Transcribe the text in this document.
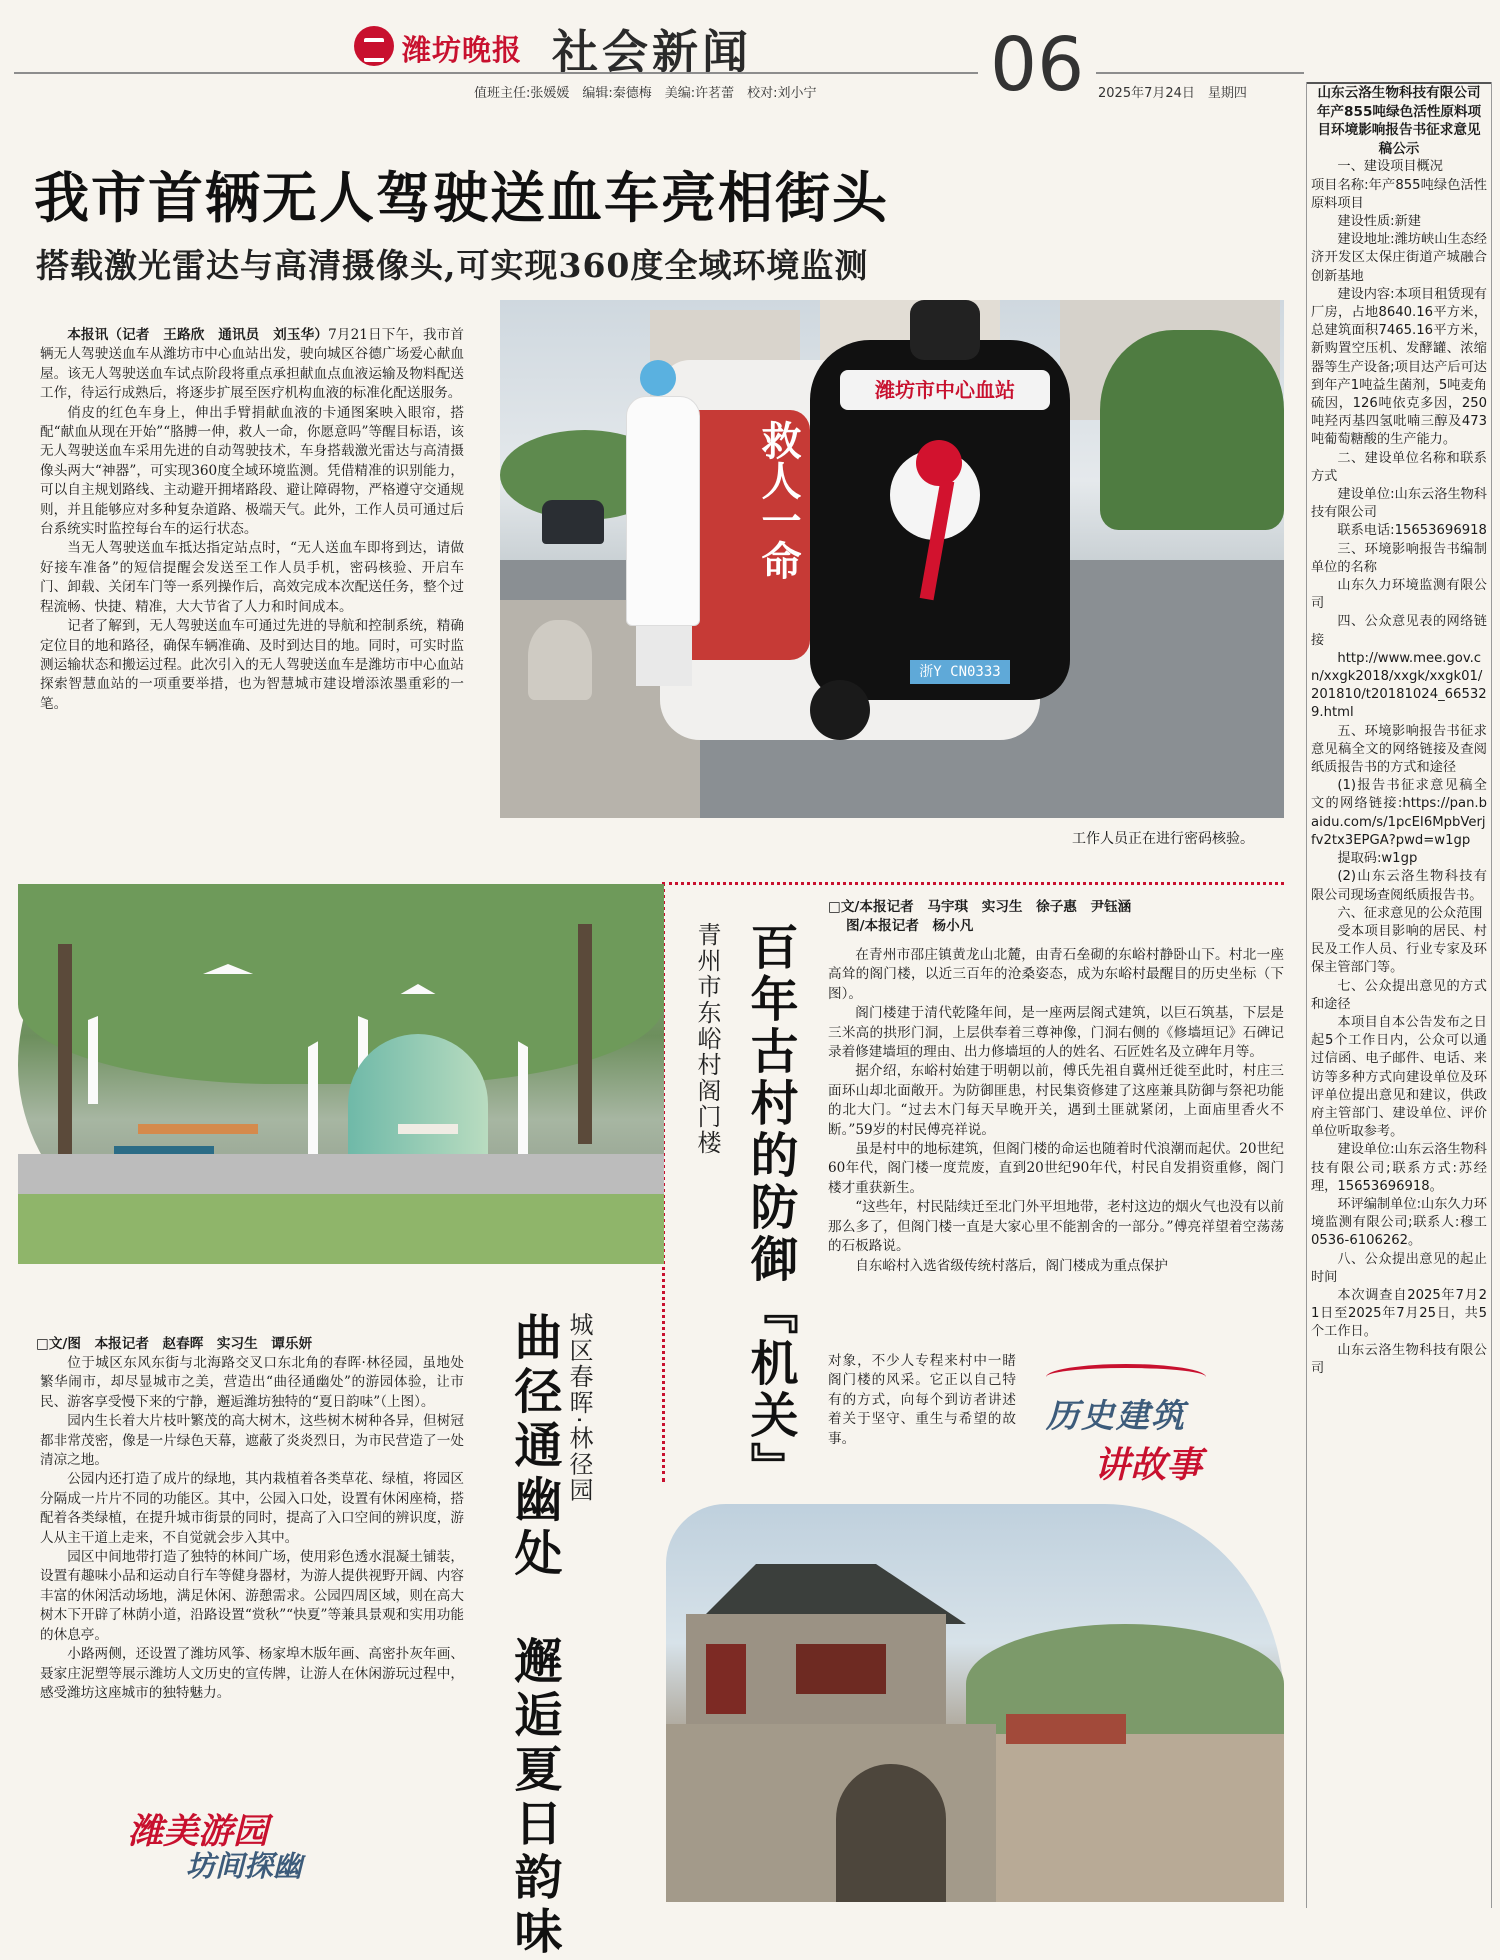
潍坊晚报 社会新闻	06
值班主任:张媛媛　编辑:秦德梅　美编:许茗蕾　校对:刘小宁	2025年7月24日　星期四
我市首辆无人驾驶送血车亮相街头
搭载激光雷达与高清摄像头,可实现360度全域环境监测

本报讯（记者　王路欣　通讯员　刘玉华）7月21日下午，我市首辆无人驾驶送血车从潍坊市中心血站出发，驶向城区谷德广场爱心献血屋。该无人驾驶送血车试点阶段将重点承担献血点血液运输及物料配送工作，待运行成熟后，将逐步扩展至医疗机构血液的标准化配送服务。

俏皮的红色车身上，伸出手臂捐献血液的卡通图案映入眼帘，搭配“献血从现在开始”“胳膊一伸，救人一命，你愿意吗”等醒目标语，该无人驾驶送血车采用先进的自动驾驶技术，车身搭载激光雷达与高清摄像头两大“神器”，可实现360度全域环境监测。凭借精准的识别能力，可以自主规划路线、主动避开拥堵路段、避让障碍物，严格遵守交通规则，并且能够应对多种复杂道路、极端天气。此外，工作人员可通过后台系统实时监控每台车的运行状态。

当无人驾驶送血车抵达指定站点时，“无人送血车即将到达，请做好接车准备”的短信提醒会发送至工作人员手机，密码核验、开启车门、卸载、关闭车门等一系列操作后，高效完成本次配送任务，整个过程流畅、快捷、精准，大大节省了人力和时间成本。

记者了解到，无人驾驶送血车可通过先进的导航和控制系统，精确定位目的地和路径，确保车辆准确、及时到达目的地。同时，可实时监测运输状态和搬运过程。此次引入的无人驾驶送血车是潍坊市中心血站探索智慧血站的一项重要举措，也为智慧城市建设增添浓墨重彩的一笔。

救人一命
潍坊市中心血站
浙Y CN0333
工作人员正在进行密码核验。
城区春晖·林径园
曲径通幽处　邂逅夏日韵味
□文/图　本报记者　赵春晖　实习生　谭乐妍

位于城区东风东街与北海路交叉口东北角的春晖·林径园，虽地处繁华闹市，却尽显城市之美，营造出“曲径通幽处”的游园体验，让市民、游客享受慢下来的宁静，邂逅潍坊独特的“夏日韵味”（上图）。

园内生长着大片枝叶繁茂的高大树木，这些树木树种各异，但树冠都非常茂密，像是一片绿色天幕，遮蔽了炎炎烈日，为市民营造了一处清凉之地。

公园内还打造了成片的绿地，其内栽植着各类草花、绿植，将园区分隔成一片片不同的功能区。其中，公园入口处，设置有休闲座椅，搭配着各类绿植，在提升城市街景的同时，提高了入口空间的辨识度，游人从主干道上走来，不自觉就会步入其中。

园区中间地带打造了独特的林间广场，使用彩色透水混凝土铺装，设置有趣味小品和运动自行车等健身器材，为游人提供视野开阔、内容丰富的休闲活动场地，满足休闲、游憩需求。公园四周区域，则在高大树木下开辟了林荫小道，沿路设置“赏秋”“快夏”等兼具景观和实用功能的休息亭。

小路两侧，还设置了潍坊风筝、杨家埠木版年画、高密扑灰年画、聂家庄泥塑等展示潍坊人文历史的宣传牌，让游人在休闲游玩过程中，感受潍坊这座城市的独特魅力。

潍美游园
坊间探幽
青州市东峪村阁门楼 百年古村的防御『机关』
□文/本报记者　马宇琪　实习生　徐子惠　尹钰涵
图/本报记者　杨小凡

在青州市邵庄镇黄龙山北麓，由青石垒砌的东峪村静卧山下。村北一座高耸的阁门楼，以近三百年的沧桑姿态，成为东峪村最醒目的历史坐标（下图）。

阁门楼建于清代乾隆年间，是一座两层阁式建筑，以巨石筑基，下层是三米高的拱形门洞，上层供奉着三尊神像，门洞右侧的《修墙垣记》石碑记录着修建墙垣的理由、出力修墙垣的人的姓名、石匠姓名及立碑年月等。

据介绍，东峪村始建于明朝以前，傅氏先祖自冀州迁徙至此时，村庄三面环山却北面敞开。为防御匪患，村民集资修建了这座兼具防御与祭祀功能的北大门。“过去木门每天早晚开关，遇到土匪就紧闭，上面庙里香火不断。”59岁的村民傅亮祥说。

虽是村中的地标建筑，但阁门楼的命运也随着时代浪潮而起伏。20世纪60年代，阁门楼一度荒废，直到20世纪90年代，村民自发捐资重修，阁门楼才重获新生。

“这些年，村民陆续迁至北门外平坦地带，老村这边的烟火气也没有以前那么多了，但阁门楼一直是大家心里不能割舍的一部分。”傅亮祥望着空荡荡的石板路说。

自东峪村入选省级传统村落后，阁门楼成为重点保护

对象，不少人专程来村中一睹阁门楼的风采。它正以自己特有的方式，向每个到访者讲述着关于坚守、重生与希望的故事。
历史建筑
讲故事
山东云洛生物科技有限公司年产855吨绿色活性原料项目环境影响报告书征求意见稿公示

一、建设项目概况

项目名称:年产855吨绿色活性原料项目

建设性质:新建

建设地址:潍坊峡山生态经济开发区太保庄街道产城融合创新基地

建设内容:本项目租赁现有厂房，占地8640.16平方米，总建筑面积7465.16平方米，新购置空压机、发酵罐、浓缩器等生产设备;项目达产后可达到年产1吨益生菌剂，5吨麦角硫因，126吨依克多因，250吨羟丙基四氢吡喃三醇及473吨葡萄糖酸的生产能力。

二、建设单位名称和联系方式

建设单位:山东云洛生物科技有限公司

联系电话:15653696918

三、环境影响报告书编制单位的名称

山东久力环境监测有限公司

四、公众意见表的网络链接

http://www.mee.gov.cn/xxgk2018/xxgk/xxgk01/201810/t20181024_665329.html

五、环境影响报告书征求意见稿全文的网络链接及查阅纸质报告书的方式和途径

(1)报告书征求意见稿全文的网络链接:https://pan.baidu.com/s/1pcEI6MpbVerjfv2tx3EPGA?pwd=w1gp

提取码:w1gp

(2)山东云洛生物科技有限公司现场查阅纸质报告书。

六、征求意见的公众范围

受本项目影响的居民、村民及工作人员、行业专家及环保主管部门等。

七、公众提出意见的方式和途径

本项目自本公告发布之日起5个工作日内，公众可以通过信函、电子邮件、电话、来访等多种方式向建设单位及环评单位提出意见和建议，供政府主管部门、建设单位、评价单位听取参考。

建设单位:山东云洛生物科技有限公司;联系方式:苏经理，15653696918。

环评编制单位:山东久力环境监测有限公司;联系人:穆工　0536-6106262。

八、公众提出意见的起止时间

本次调查自2025年7月21日至2025年7月25日，共5个工作日。

山东云洛生物科技有限公司
